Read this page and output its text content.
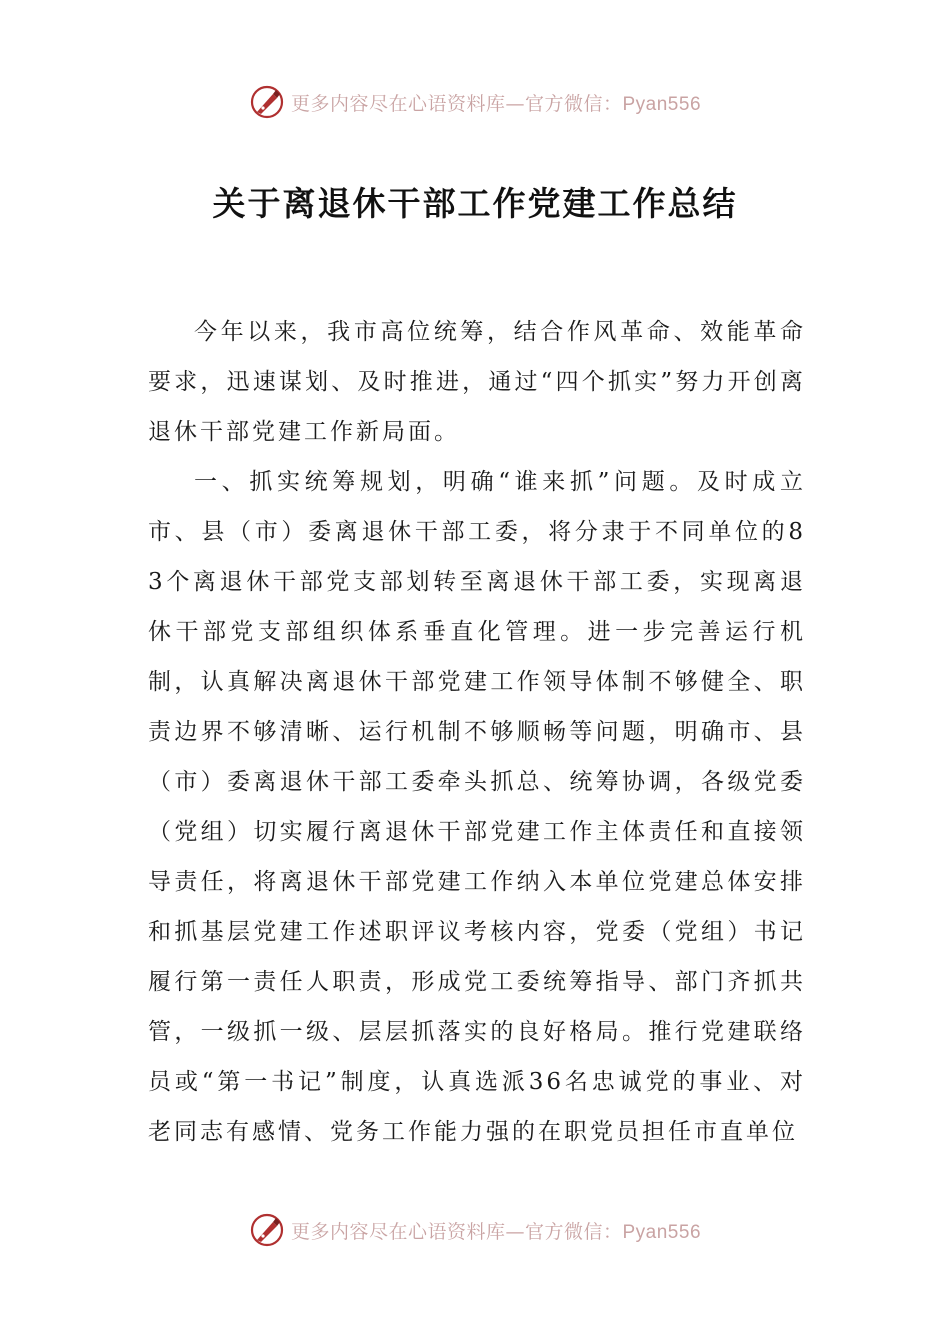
更多内容尽在心语资料库—官方微信：Pyan556
关于离退休干部工作党建工作总结

今年以来，我市高位统筹，结合作风革命、效能革命要求，迅速谋划、及时推进，通过“四个抓实”努力开创离退休干部党建工作新局面。

一、抓实统筹规划，明确“谁来抓”问题。及时成立市、县（市）委离退休干部工委，将分隶于不同单位的83个离退休干部党支部划转至离退休干部工委，实现离退休干部党支部组织体系垂直化管理。进一步完善运行机制，认真解决离退休干部党建工作领导体制不够健全、职责边界不够清晰、运行机制不够顺畅等问题，明确市、县（市）委离退休干部工委牵头抓总、统筹协调，各级党委（党组）切实履行离退休干部党建工作主体责任和直接领导责任，将离退休干部党建工作纳入本单位党建总体安排和抓基层党建工作述职评议考核内容，党委（党组）书记履行第一责任人职责，形成党工委统筹指导、部门齐抓共管，一级抓一级、层层抓落实的良好格局。推行党建联络员或“第一书记”制度，认真选派36名忠诚党的事业、对老同志有感情、党务工作能力强的在职党员担任市直单位

更多内容尽在心语资料库—官方微信：Pyan556
